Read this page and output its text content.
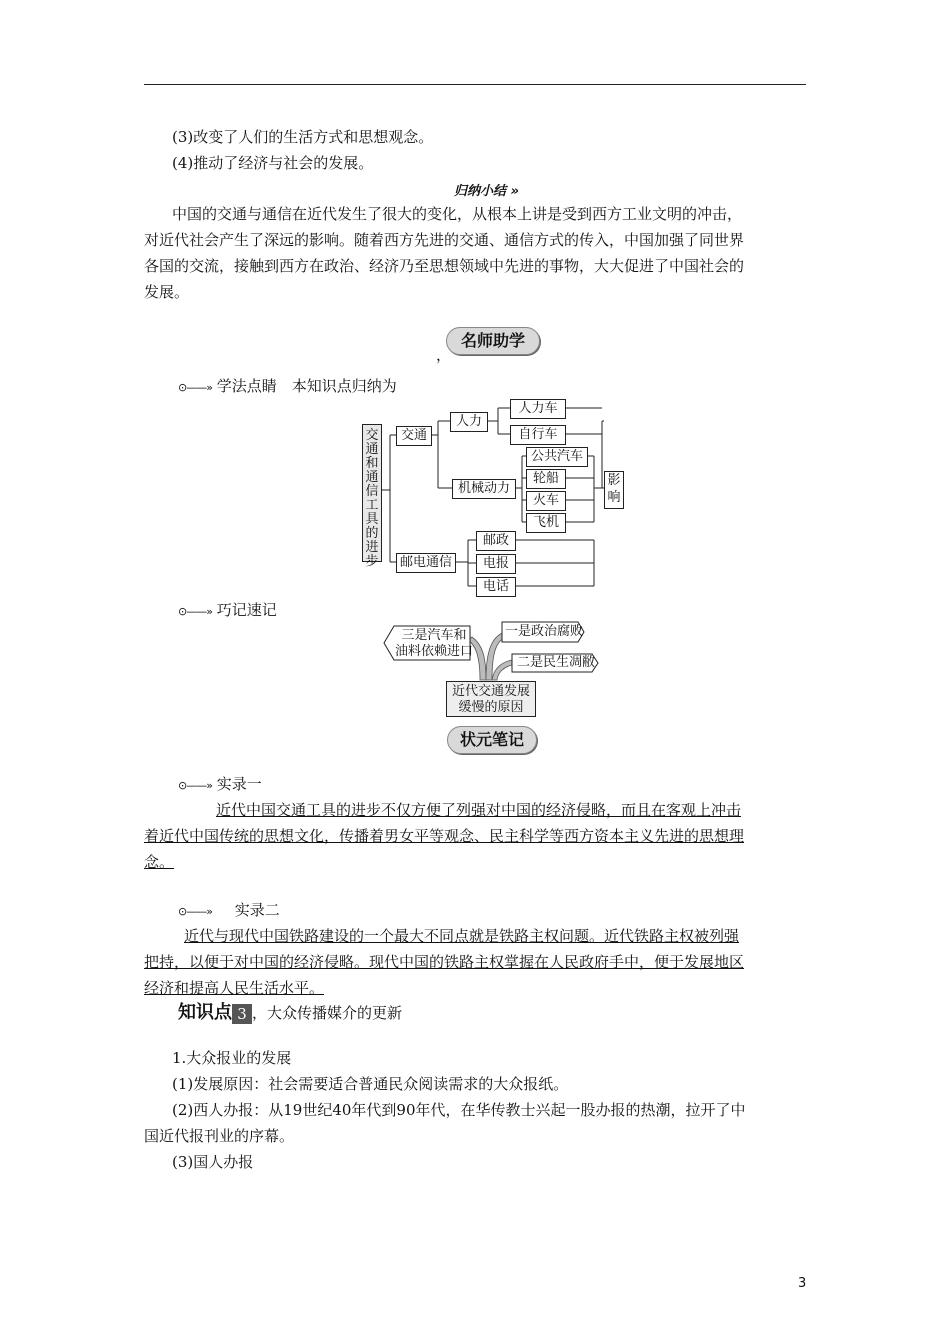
(3)改变了人们的生活方式和思想观念。
(4)推动了经济与社会的发展。
归纳小结 »
中国的交通与通信在近代发生了很大的变化，从根本上讲是受到西方工业文明的冲击，
对近代社会产生了深远的影响。随着西方先进的交通、通信方式的传入，中国加强了同世界
各国的交流，接触到西方在政治、经济乃至思想领域中先进的事物，大大促进了中国社会的
发展。
名师助学
，
⊙——» 学法点睛　本知识点归纳为
交通和通信工具的进步
交通
人力
人力车
自行车
机械动力
公共汽车
轮船
火车
飞机
影响
邮电通信
邮政
电报
电话
⊙——» 巧记速记
三是汽车和
油料依赖进口
一是政治腐败
二是民生凋敝
近代交通发展
缓慢的原因
状元笔记
⊙——» 实录一
近代中国交通工具的进步不仅方便了列强对中国的经济侵略，而且在客观上冲击
着近代中国传统的思想文化，传播着男女平等观念、民主科学等西方资本主义先进的思想理
念。
⊙——» 实录二
近代与现代中国铁路建设的一个最大不同点就是铁路主权问题。近代铁路主权被列强
把持，以便于对中国的经济侵略。现代中国的铁路主权掌握在人民政府手中，便于发展地区
经济和提高人民生活水平。
知识点 3 ，大众传播媒介的更新
1.大众报业的发展
(1)发展原因：社会需要适合普通民众阅读需求的大众报纸。
(2)西人办报：从19世纪40年代到90年代，在华传教士兴起一股办报的热潮，拉开了中
国近代报刊业的序幕。
(3)国人办报
3
